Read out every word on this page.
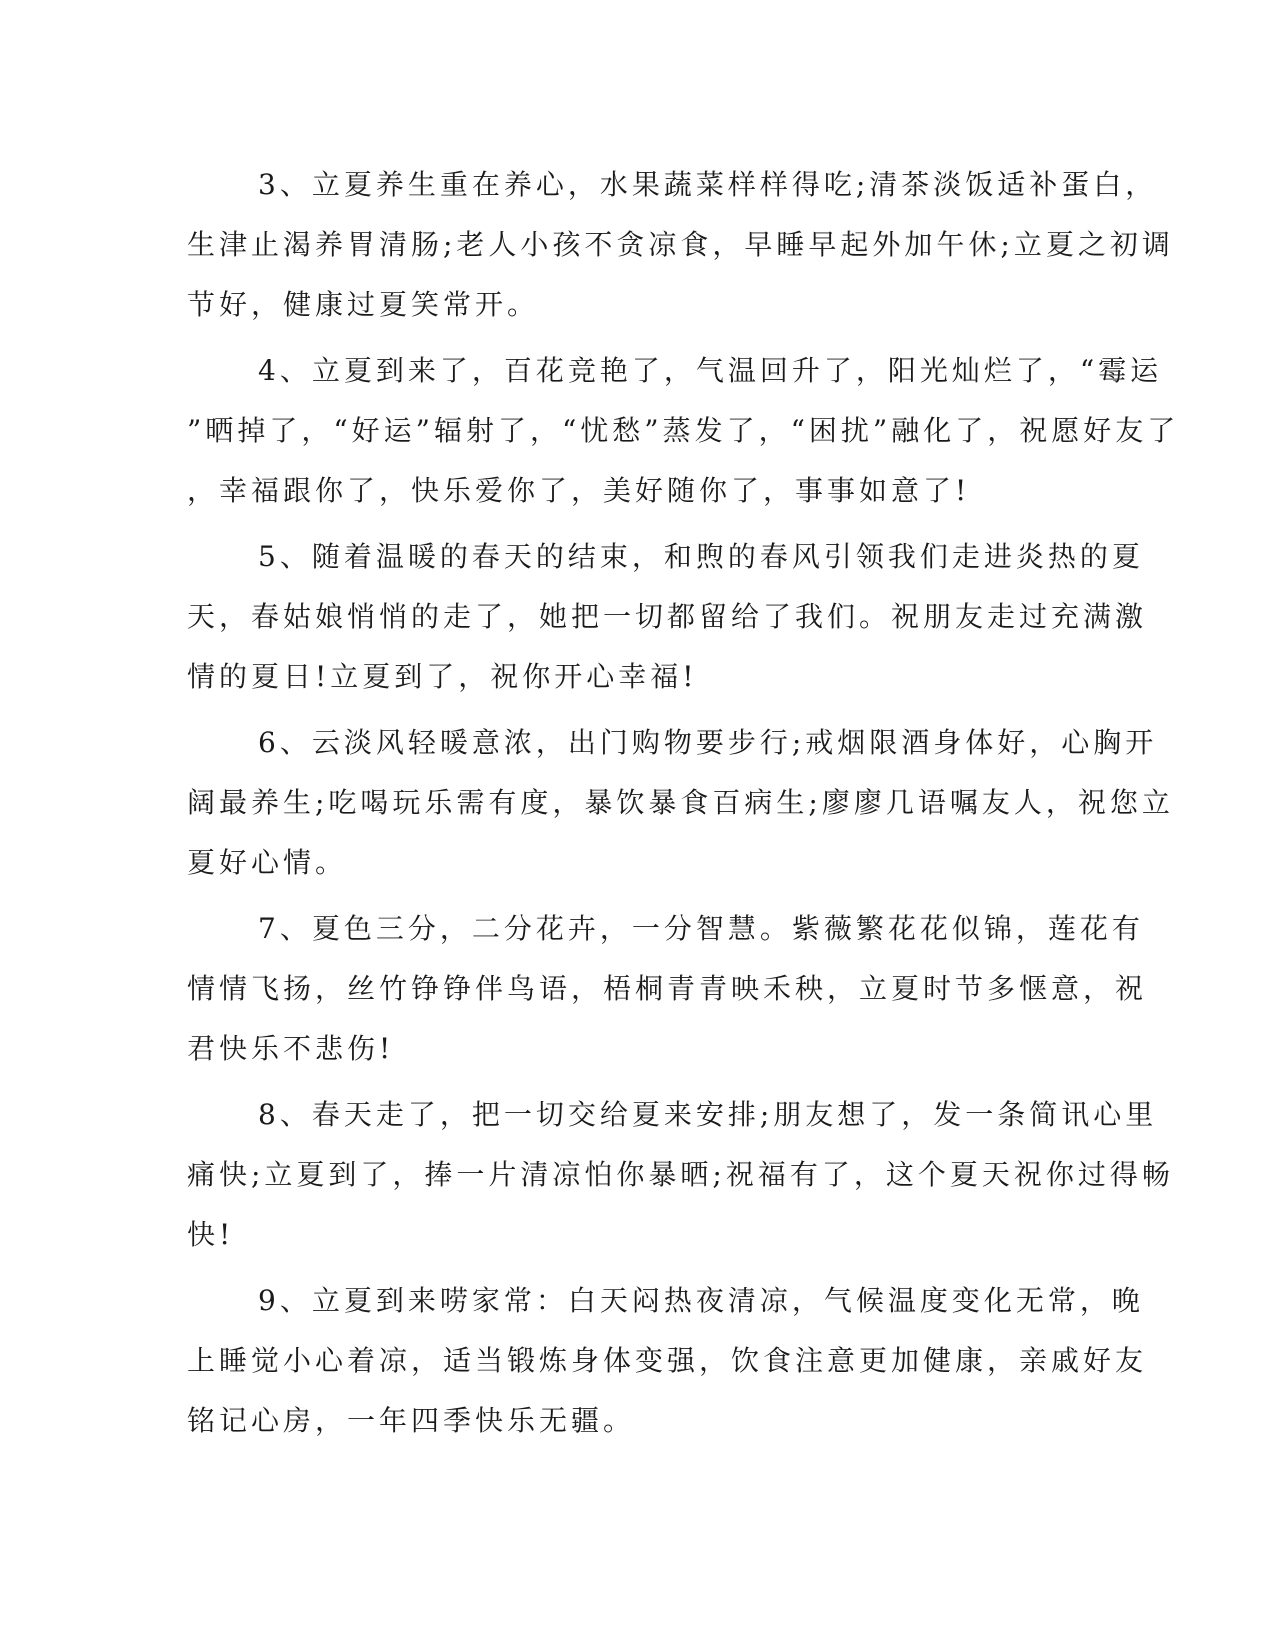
3、立夏养生重在养心，水果蔬菜样样得吃;清茶淡饭适补蛋白，
生津止渴养胃清肠;老人小孩不贪凉食，早睡早起外加午休;立夏之初调
节好，健康过夏笑常开。

4、立夏到来了，百花竞艳了，气温回升了，阳光灿烂了，“霉运
”晒掉了，“好运”辐射了，“忧愁”蒸发了，“困扰”融化了，祝愿好友了
，幸福跟你了，快乐爱你了，美好随你了，事事如意了!

5、随着温暖的春天的结束，和煦的春风引领我们走进炎热的夏
天，春姑娘悄悄的走了，她把一切都留给了我们。祝朋友走过充满激
情的夏日!立夏到了，祝你开心幸福!

6、云淡风轻暖意浓，出门购物要步行;戒烟限酒身体好，心胸开
阔最养生;吃喝玩乐需有度，暴饮暴食百病生;廖廖几语嘱友人，祝您立
夏好心情。

7、夏色三分，二分花卉，一分智慧。紫薇繁花花似锦，莲花有
情情飞扬，丝竹铮铮伴鸟语，梧桐青青映禾秧，立夏时节多惬意，祝
君快乐不悲伤!

8、春天走了，把一切交给夏来安排;朋友想了，发一条简讯心里
痛快;立夏到了，捧一片清凉怕你暴晒;祝福有了，这个夏天祝你过得畅
快!

9、立夏到来唠家常：白天闷热夜清凉，气候温度变化无常，晚
上睡觉小心着凉，适当锻炼身体变强，饮食注意更加健康，亲戚好友
铭记心房，一年四季快乐无疆。
